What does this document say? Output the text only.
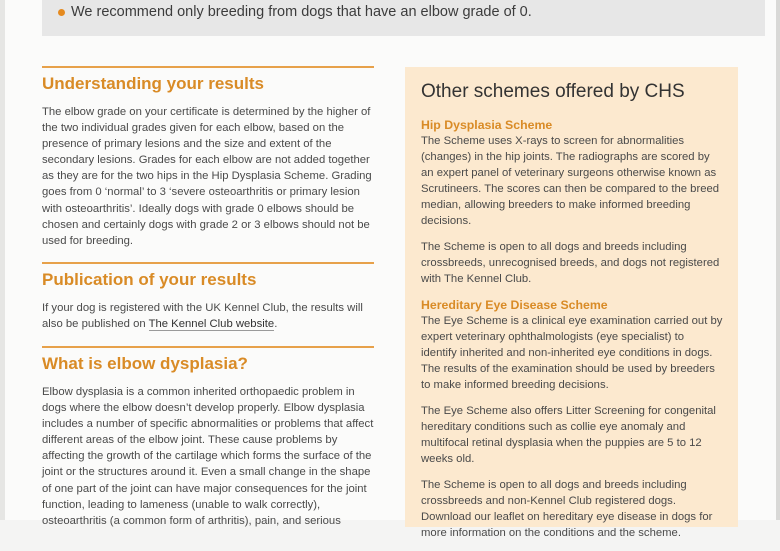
We recommend only breeding from dogs that have an elbow grade of 0.
Understanding your results

The elbow grade on your certificate is determined by the higher of the two individual grades given for each elbow, based on the presence of primary lesions and the size and extent of the secondary lesions. Grades for each elbow are not added together as they are for the two hips in the Hip Dysplasia Scheme. Grading goes from 0 ‘normal’ to 3 ‘severe osteoarthritis or primary lesion with osteoarthritis’. Ideally dogs with grade 0 elbows should be chosen and certainly dogs with grade 2 or 3 elbows should not be used for breeding.

Publication of your results

If your dog is registered with the UK Kennel Club, the results will also be published on The Kennel Club website.

What is elbow dysplasia?

Elbow dysplasia is a common inherited orthopaedic problem in dogs where the elbow doesn’t develop properly. Elbow dysplasia includes a number of specific abnormalities or problems that affect different areas of the elbow joint. These cause problems by affecting the growth of the cartilage which forms the surface of the joint or the structures around it. Even a small change in the shape of one part of the joint can have major consequences for the joint function, leading to lameness (unable to walk correctly), osteoarthritis (a common form of arthritis), pain, and serious

Other schemes offered by CHS
Hip Dysplasia Scheme

The Scheme uses X-rays to screen for abnormalities (changes) in the hip joints. The radiographs are scored by an expert panel of veterinary surgeons otherwise known as Scrutineers. The scores can then be compared to the breed median, allowing breeders to make informed breeding decisions.

The Scheme is open to all dogs and breeds including crossbreeds, unrecognised breeds, and dogs not registered with The Kennel Club.

Hereditary Eye Disease Scheme

The Eye Scheme is a clinical eye examination carried out by expert veterinary ophthalmologists (eye specialist) to identify inherited and non-inherited eye conditions in dogs. The results of the examination should be used by breeders to make informed breeding decisions.

The Eye Scheme also offers Litter Screening for congenital hereditary conditions such as collie eye anomaly and multifocal retinal dysplasia when the puppies are 5 to 12 weeks old.

The Scheme is open to all dogs and breeds including crossbreeds and non-Kennel Club registered dogs. Download our leaflet on hereditary eye disease in dogs for more information on the conditions and the scheme.
